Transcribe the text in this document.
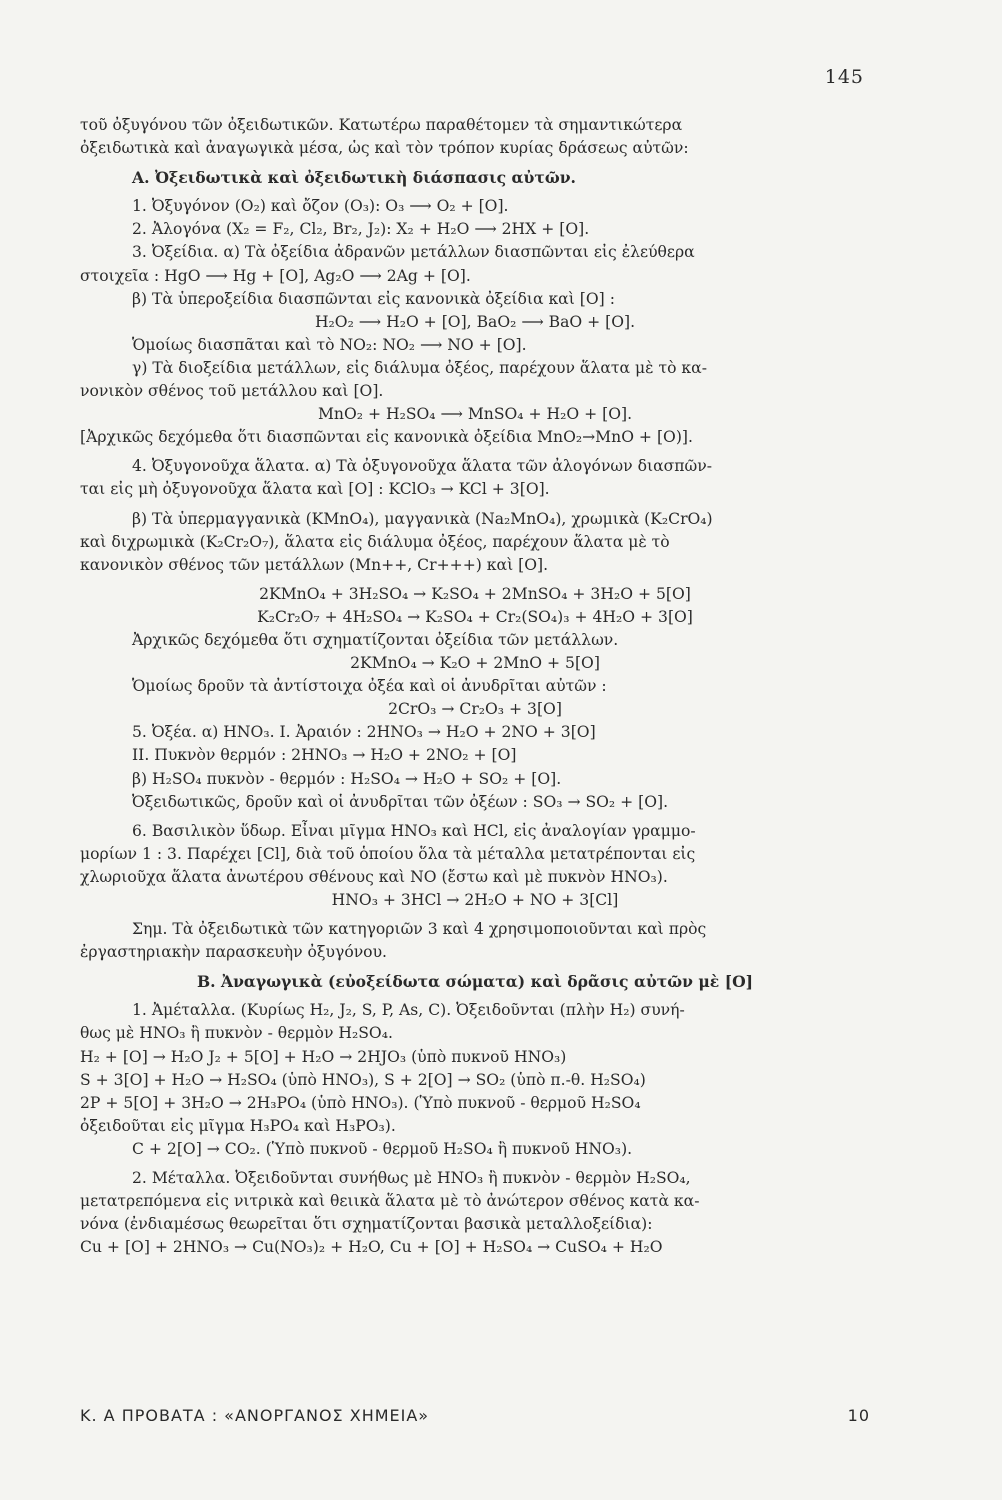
145

τοῦ ὀξυγόνου τῶν ὀξειδωτικῶν. Κατωτέρω παραθέτομεν τὰ σημαντικώτερα

ὀξειδωτικὰ καὶ ἀναγωγικὰ μέσα, ὡς καὶ τὸν τρόπον κυρίας δράσεως αὐτῶν:

Α. Ὀξειδωτικὰ καὶ ὀξειδωτικὴ διάσπασις αὐτῶν.

1. Ὀξυγόνον (O₂) καὶ ὄζον (O₃): O₃ ⟶ O₂ + [O].

2. Ἀλογόνα (X₂ = F₂, Cl₂, Br₂, J₂): X₂ + H₂O ⟶ 2HX + [O].

3. Ὀξείδια. α) Τὰ ὀξείδια ἀδρανῶν μετάλλων διασπῶνται εἰς ἐλεύθερα

στοιχεῖα : HgO ⟶ Hg + [O], Ag₂O ⟶ 2Ag + [O].

β) Τὰ ὑπεροξείδια διασπῶνται εἰς κανονικὰ ὀξείδια καὶ [O] :

H₂O₂ ⟶ H₂O + [O], BaO₂ ⟶ BaO + [O].

Ὁμοίως διασπᾶται καὶ τὸ NO₂: NO₂ ⟶ NO + [O].

γ) Τὰ διοξείδια μετάλλων, εἰς διάλυμα ὀξέος, παρέχουν ἅλατα μὲ τὸ κα-

νονικὸν σθένος τοῦ μετάλλου καὶ [O].

MnO₂ + H₂SO₄ ⟶ MnSO₄ + H₂O + [O].

[Ἀρχικῶς δεχόμεθα ὅτι διασπῶνται εἰς κανονικὰ ὀξείδια MnO₂→MnO + [O)].

4. Ὀξυγονοῦχα ἅλατα. α) Τὰ ὀξυγονοῦχα ἅλατα τῶν ἀλογόνων διασπῶν-

ται εἰς μὴ ὀξυγονοῦχα ἅλατα καὶ [O] : KClO₃ → KCl + 3[O].

β) Τὰ ὑπερμαγγανικὰ (KMnO₄), μαγγανικὰ (Na₂MnO₄), χρωμικὰ (K₂CrO₄)

καὶ διχρωμικὰ (K₂Cr₂O₇), ἅλατα εἰς διάλυμα ὀξέος, παρέχουν ἅλατα μὲ τὸ

κανονικὸν σθένος τῶν μετάλλων (Mn++, Cr+++) καὶ [O].

2KMnO₄ + 3H₂SO₄ → K₂SO₄ + 2MnSO₄ + 3H₂O + 5[O]

K₂Cr₂O₇ + 4H₂SO₄ → K₂SO₄ + Cr₂(SO₄)₃ + 4H₂O + 3[O]

Ἀρχικῶς δεχόμεθα ὅτι σχηματίζονται ὀξείδια τῶν μετάλλων.

2KMnO₄ → K₂O + 2MnO + 5[O]

Ὁμοίως δροῦν τὰ ἀντίστοιχα ὀξέα καὶ οἱ ἀνυδρῖται αὐτῶν :

2CrO₃ → Cr₂O₃ + 3[O]

5. Ὀξέα. α) HNO₃. I. Ἀραιόν : 2HNO₃ → H₂O + 2NO + 3[O]

II. Πυκνὸν θερμόν : 2HNO₃ → H₂O + 2NO₂ + [O]

β) H₂SO₄ πυκνὸν - θερμόν : H₂SO₄ → H₂O + SO₂ + [O].

Ὀξειδωτικῶς, δροῦν καὶ οἱ ἀνυδρῖται τῶν ὀξέων : SO₃ → SO₂ + [O].

6. Βασιλικὸν ὕδωρ. Εἶναι μῖγμα HNO₃ καὶ HCl, εἰς ἀναλογίαν γραμμο-

μορίων 1 : 3. Παρέχει [Cl], διὰ τοῦ ὁποίου ὅλα τὰ μέταλλα μετατρέπονται εἰς

χλωριοῦχα ἅλατα ἀνωτέρου σθένους καὶ NO (ἔστω καὶ μὲ πυκνὸν HNO₃).

HNO₃ + 3HCl → 2H₂O + NO + 3[Cl]

Σημ. Τὰ ὀξειδωτικὰ τῶν κατηγοριῶν 3 καὶ 4 χρησιμοποιοῦνται καὶ πρὸς

ἐργαστηριακὴν παρασκευὴν ὀξυγόνου.

Β. Ἀναγωγικὰ (εὐοξείδωτα σώματα) καὶ δρᾶσις αὐτῶν μὲ [O]

1. Ἀμέταλλα. (Κυρίως H₂, J₂, S, P, As, C). Ὀξειδοῦνται (πλὴν H₂) συνή-

θως μὲ HNO₃ ἢ πυκνὸν - θερμὸν H₂SO₄.

H₂ + [O] → H₂O J₂ + 5[O] + H₂O → 2HJO₃ (ὑπὸ πυκνοῦ HNO₃)

S + 3[O] + H₂O → H₂SO₄ (ὑπὸ HNO₃), S + 2[O] → SO₂ (ὑπὸ π.-θ. H₂SO₄)

2P + 5[O] + 3H₂O → 2H₃PO₄ (ὑπὸ HNO₃). (Ὑπὸ πυκνοῦ - θερμοῦ H₂SO₄

ὀξειδοῦται εἰς μῖγμα H₃PO₄ καὶ H₃PO₃).

C + 2[O] → CO₂. (Ὑπὸ πυκνοῦ - θερμοῦ H₂SO₄ ἢ πυκνοῦ HNO₃).

2. Μέταλλα. Ὀξειδοῦνται συνήθως μὲ HNO₃ ἢ πυκνὸν - θερμὸν H₂SO₄,

μετατρεπόμενα εἰς νιτρικὰ καὶ θειικὰ ἅλατα μὲ τὸ ἀνώτερον σθένος κατὰ κα-

νόνα (ἐνδιαμέσως θεωρεῖται ὅτι σχηματίζονται βασικὰ μεταλλοξείδια):

Cu + [O] + 2HNO₃ → Cu(NO₃)₂ + H₂O, Cu + [O] + H₂SO₄ → CuSO₄ + H₂O

Κ. Α ΠΡΟΒΑΤΑ : «ΑΝΟΡΓΑΝΟΣ ΧΗΜΕΙΑ»	10
